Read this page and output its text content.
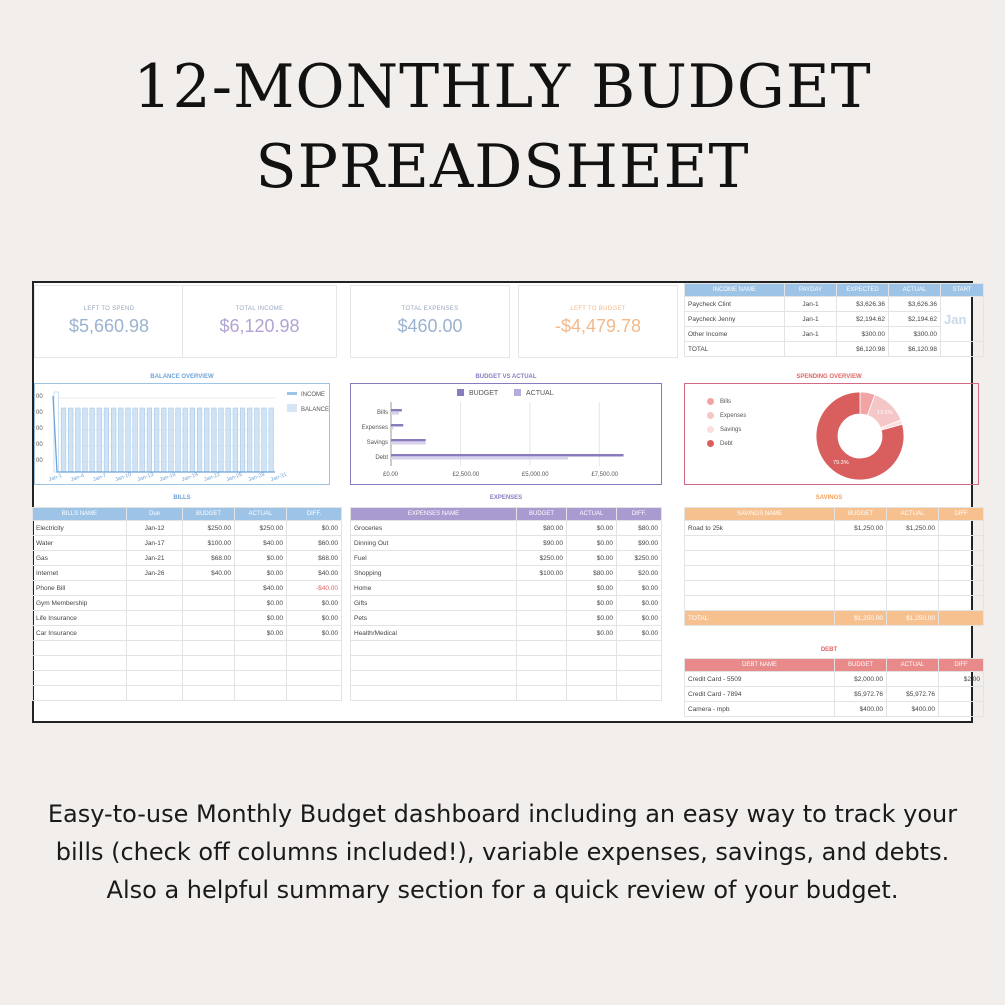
12-MONTHLY BUDGET
SPREADSHEET
LEFT TO SPEND
$5,660.98
TOTAL INCOME
$6,120.98
TOTAL EXPENSES
$460.00
LEFT TO BUDGET
-$4,479.78
INCOME NAME	PAYDAY	EXPECTED	ACTUAL	START
Paycheck Clint	Jan-1	$3,626.36	$3,626.36	Jan
Paycheck Jenny	Jan-1	$2,194.62	$2,194.62	
Other Income	Jan-1	$300.00	$300.00	
TOTAL		$6,120.98	$6,120.98	
BALANCE OVERVIEW	BUDGET VS ACTUAL	SPENDING OVERVIEW
INCOME
BALANCE
00
00
00
00
00
Jan-1 Jan-4 Jan-7 Jan-10 Jan-13 Jan-16 Jan-19 Jan-22 Jan-25 Jan-28 Jan-31
BUDGET	ACTUAL
£0.00	£2,500.00	£5,000.00	£7,500.00
Bills
Expenses
Savings
Debt
Bills
Expenses
Savings
Debt
13.6%
79.3%
BILLS	EXPENSES	SAVINGS
BILLS NAME	Due	BUDGET	ACTUAL	DIFF.
Electricity	Jan-12	$250.00	$250.00	$0.00
Water	Jan-17	$100.00	$40.00	$60.00
Gas	Jan-21	$68.00	$0.00	$68.00
Internet	Jan-26	$40.00	$0.00	$40.00
Phone Bill			$40.00	-$40.00
Gym Membership			$0.00	$0.00
Life Insurance			$0.00	$0.00
Car Insurance			$0.00	$0.00

EXPENSES NAME	BUDGET	ACTUAL	DIFF.
Groceries	$80.00	$0.00	$80.00
Dinning Out	$90.00	$0.00	$90.00
Fuel	$250.00	$0.00	$250.00
Shopping	$100.00	$80.00	$20.00
Home		$0.00	$0.00
Gifts		$0.00	$0.00
Pets		$0.00	$0.00
Health/Medical		$0.00	$0.00

SAVINGS NAME	BUDGET	ACTUAL	DIFF
Road to 25k	$1,250.00	$1,250.00	

TOTAL	$1,250.00	$1,250.00	
DEBT
DEBT NAME	BUDGET	ACTUAL	DIFF
Credit Card - 5509	$2,000.00		$2,00
Credit Card - 7894	$5,972.76	$5,972.76	
Camera - mpb	$400.00	$400.00	
Easy-to-use Monthly Budget dashboard including an easy way to track your bills (check off columns included!), variable expenses, savings, and debts. Also a helpful summary section for a quick review of your budget.
